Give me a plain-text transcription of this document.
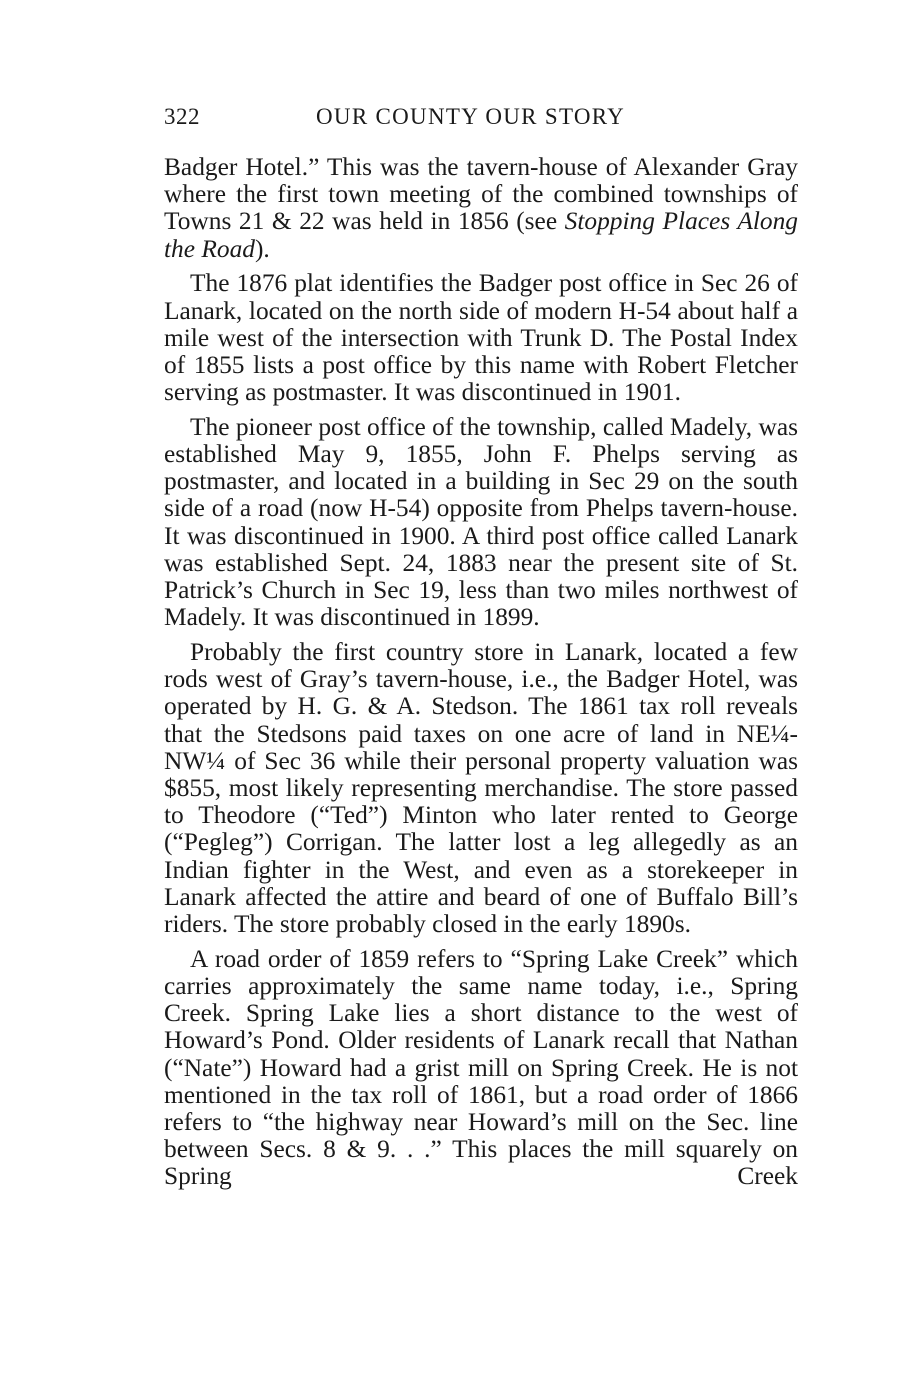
322	OUR COUNTY OUR STORY

Badger Hotel.” This was the tavern-house of Alexander Gray where the first town meeting of the combined townships of Towns 21 & 22 was held in 1856 (see Stopping Places Along the Road).

The 1876 plat identifies the Badger post office in Sec 26 of Lanark, located on the north side of modern H-54 about half a mile west of the intersection with Trunk D. The Postal Index of 1855 lists a post office by this name with Robert Fletcher serving as postmaster. It was discontinued in 1901.

The pioneer post office of the township, called Madely, was established May 9, 1855, John F. Phelps serving as postmaster, and located in a building in Sec 29 on the south side of a road (now H-54) opposite from Phelps tavern-house. It was discontinued in 1900. A third post office called Lanark was established Sept. 24, 1883 near the present site of St. Patrick’s Church in Sec 19, less than two miles northwest of Madely. It was discontinued in 1899.

Probably the first country store in Lanark, located a few rods west of Gray’s tavern-house, i.e., the Badger Hotel, was operated by H. G. & A. Stedson. The 1861 tax roll reveals that the Stedsons paid taxes on one acre of land in NE¼-NW¼ of Sec 36 while their personal property valuation was $855, most likely representing merchandise. The store passed to Theodore (“Ted”) Minton who later rented to George (“Pegleg”) Corrigan. The latter lost a leg allegedly as an Indian fighter in the West, and even as a storekeeper in Lanark affected the attire and beard of one of Buffalo Bill’s riders. The store probably closed in the early 1890s.

A road order of 1859 refers to “Spring Lake Creek” which carries approximately the same name today, i.e., Spring Creek. Spring Lake lies a short distance to the west of Howard’s Pond. Older residents of Lanark recall that Nathan (“Nate”) Howard had a grist mill on Spring Creek. He is not mentioned in the tax roll of 1861, but a road order of 1866 refers to “the highway near Howard’s mill on the Sec. line between Secs. 8 & 9. . .” This places the mill squarely on Spring Creek
